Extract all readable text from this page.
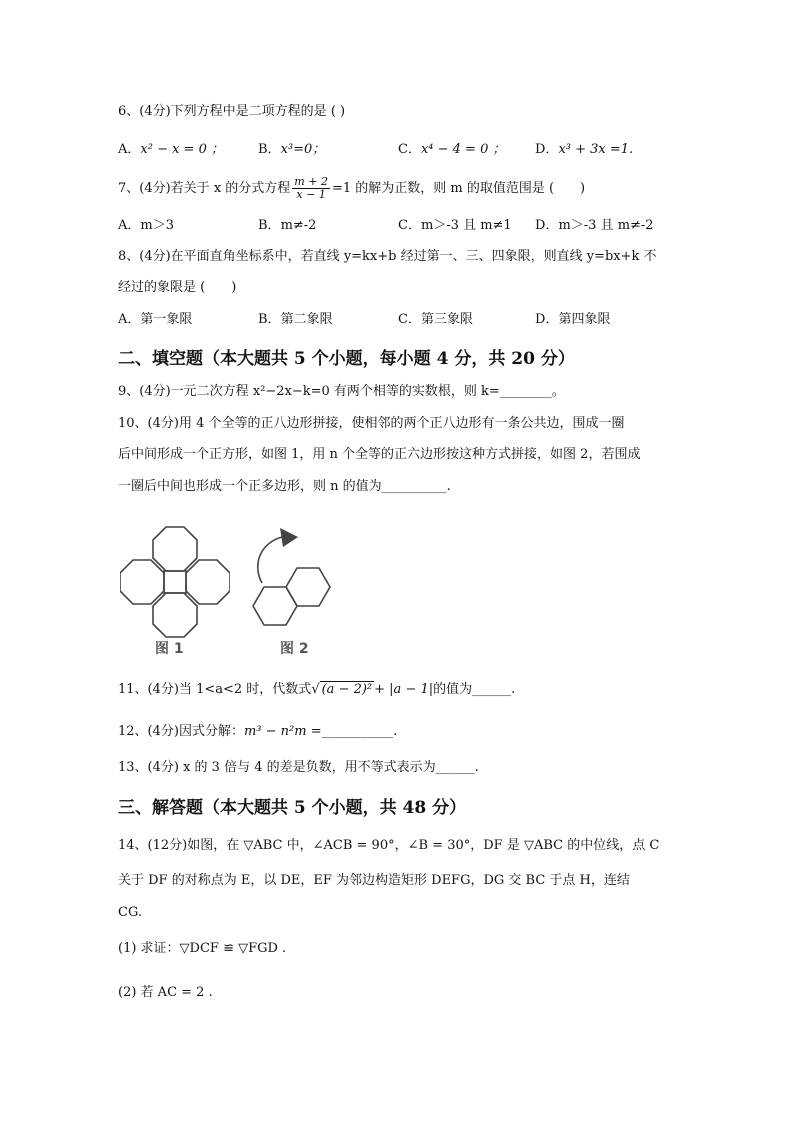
6、(4分)下列方程中是二项方程的是 ( )
A．x² − x = 0 ；	B．x³=0；	C．x⁴ − 4 = 0 ； D．x³ + 3x =1.
7、(4分)若关于 x 的分式方程 $\frac{m + 2}{x - 1} =1$ 的解为正数，则 m 的取值范围是 (　　)
A．m＞3	B．m≠-2	C．m＞-3 且 m≠1 D．m＞-3 且 m≠-2
8、(4分)在平面直角坐标系中，若直线 y=kx+b 经过第一、三、四象限，则直线 y=bx+k 不
经过的象限是 (　　)
A．第一象限	B．第二象限	C．第三象限	D．第四象限
二、填空题（本大题共 5 个小题，每小题 4 分，共 20 分）
9、(4分)一元二次方程 x²−2x−k=0 有两个相等的实数根，则 k=________。
10、(4分)用 4 个全等的正八边形拼接，使相邻的两个正八边形有一条公共边，围成一圈
后中间形成一个正方形，如图 1，用 n 个全等的正六边形按这种方式拼接，如图 2，若围成
一圈后中间也形成一个正多边形，则 n 的值为__________.
图 1	图 2
11、(4分)当 1<a<2 时，代数式√ (a − 2)² + |a − 1|的值为______.
12、(4分)因式分解：m³ − n²m =___________.
13、(4分) x 的 3 倍与 4 的差是负数，用不等式表示为______.
三、解答题（本大题共 5 个小题，共 48 分）
14、(12分)如图，在 ▽ABC 中，∠ACB = 90°，∠B = 30°，DF 是 ▽ABC 的中位线，点 C
关于 DF 的对称点为 E，以 DE，EF 为邻边构造矩形 DEFG，DG 交 BC 于点 H，连结
CG.
(1) 求证：▽DCF ≌ ▽FGD .
(2) 若 AC = 2 .
